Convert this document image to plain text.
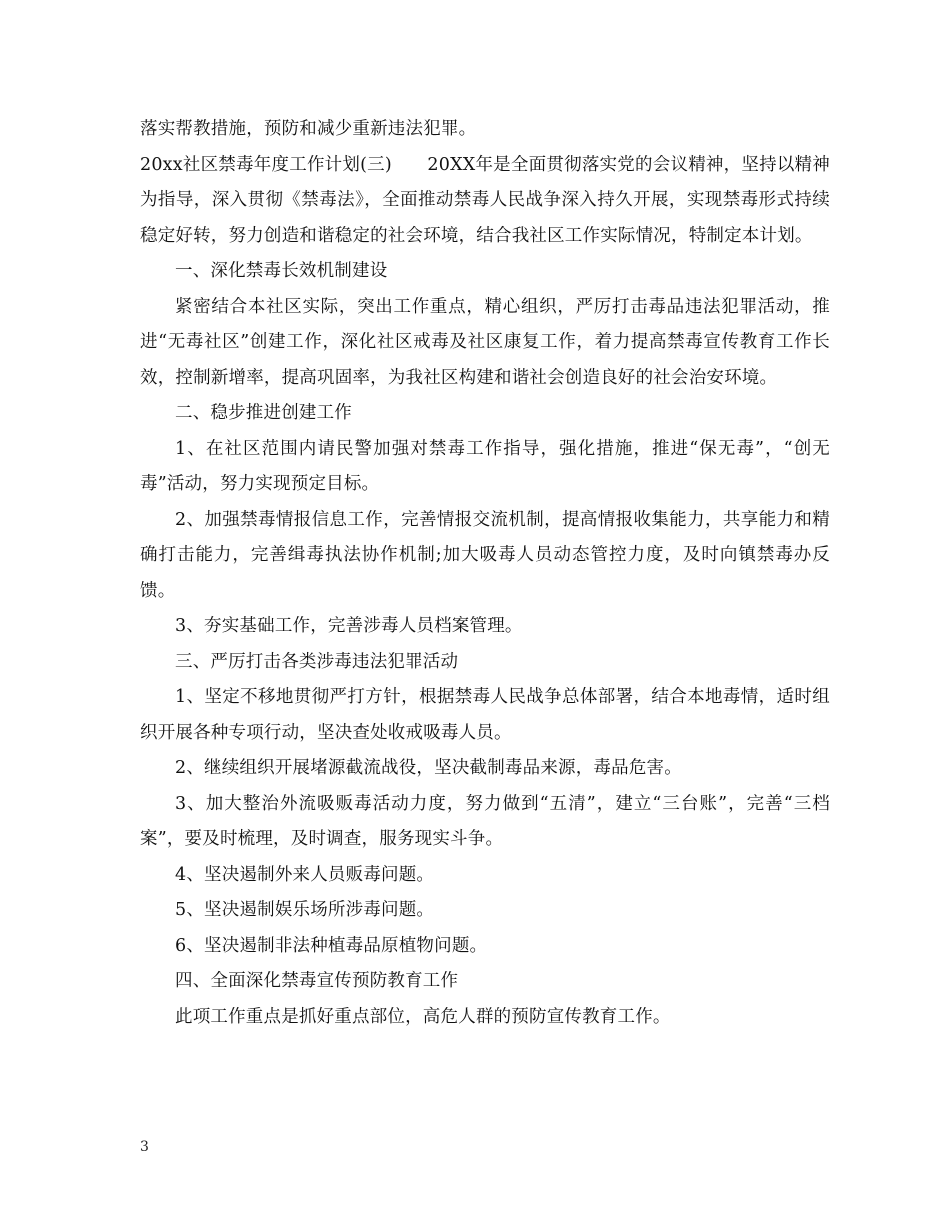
落实帮教措施，预防和减少重新违法犯罪。

20xx社区禁毒年度工作计划(三)　　20XX年是全面贯彻落实党的会议精神，坚持以精神为指导，深入贯彻《禁毒法》，全面推动禁毒人民战争深入持久开展，实现禁毒形式持续稳定好转，努力创造和谐稳定的社会环境，结合我社区工作实际情况，特制定本计划。

一、深化禁毒长效机制建设

紧密结合本社区实际，突出工作重点，精心组织，严厉打击毒品违法犯罪活动，推进“无毒社区”创建工作，深化社区戒毒及社区康复工作，着力提高禁毒宣传教育工作长效，控制新增率，提高巩固率，为我社区构建和谐社会创造良好的社会治安环境。

二、稳步推进创建工作

1、在社区范围内请民警加强对禁毒工作指导，强化措施，推进“保无毒”，“创无毒”活动，努力实现预定目标。

2、加强禁毒情报信息工作，完善情报交流机制，提高情报收集能力，共享能力和精确打击能力，完善缉毒执法协作机制;加大吸毒人员动态管控力度，及时向镇禁毒办反馈。

3、夯实基础工作，完善涉毒人员档案管理。

三、严厉打击各类涉毒违法犯罪活动

1、坚定不移地贯彻严打方针，根据禁毒人民战争总体部署，结合本地毒情，适时组织开展各种专项行动，坚决查处收戒吸毒人员。

2、继续组织开展堵源截流战役，坚决截制毒品来源，毒品危害。

3、加大整治外流吸贩毒活动力度，努力做到“五清”，建立“三台账”，完善“三档案”，要及时梳理，及时调查，服务现实斗争。

4、坚决遏制外来人员贩毒问题。

5、坚决遏制娱乐场所涉毒问题。

6、坚决遏制非法种植毒品原植物问题。

四、全面深化禁毒宣传预防教育工作

此项工作重点是抓好重点部位，高危人群的预防宣传教育工作。

3
